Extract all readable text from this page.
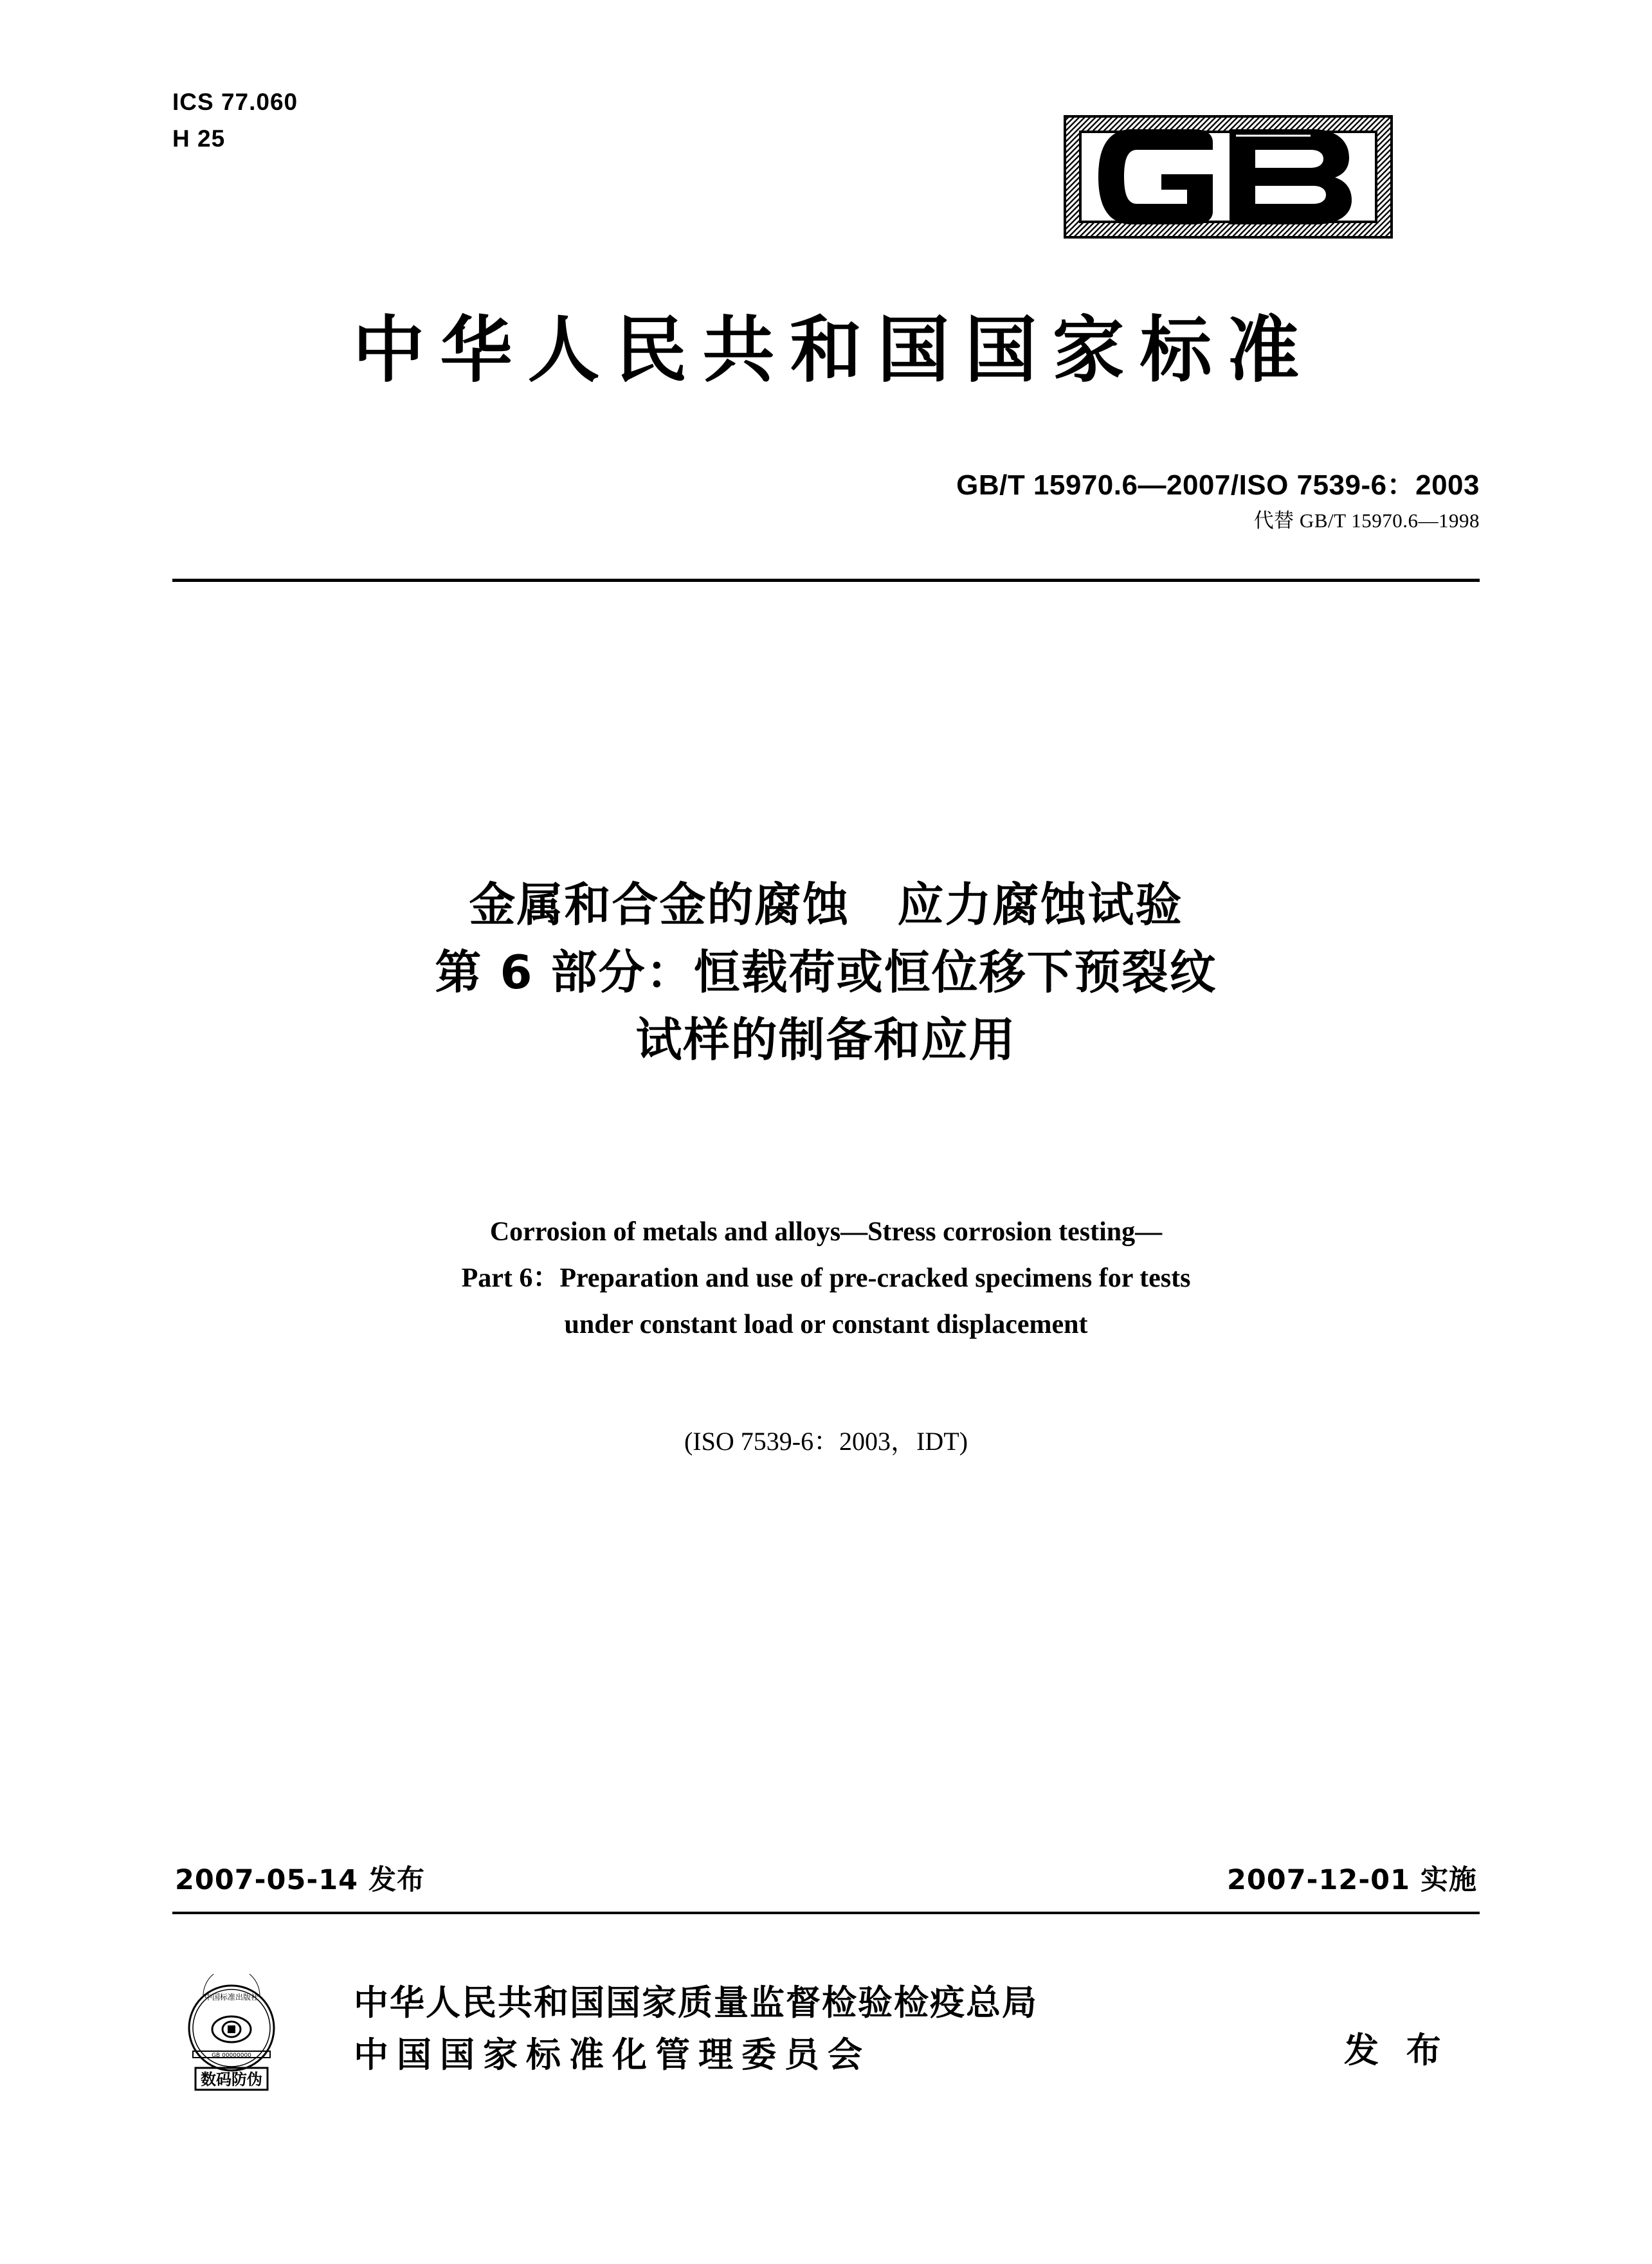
ICS 77.060
H 25
中华人民共和国国家标准
GB/T 15970.6—2007/ISO 7539-6：2003
代替 GB/T 15970.6—1998
金属和合金的腐蚀　应力腐蚀试验
第 6 部分：恒载荷或恒位移下预裂纹
试样的制备和应用
Corrosion of metals and alloys—Stress corrosion testing—
Part 6：Preparation and use of pre-cracked specimens for tests
under constant load or constant displacement
(ISO 7539-6：2003，IDT)
2007-05-14 发布	2007-12-01 实施
中国标准出版社
GB 00000000
数码防伪
中华人民共和国国家质量监督检验检疫总局
中国国家标准化管理委员会	发 布
